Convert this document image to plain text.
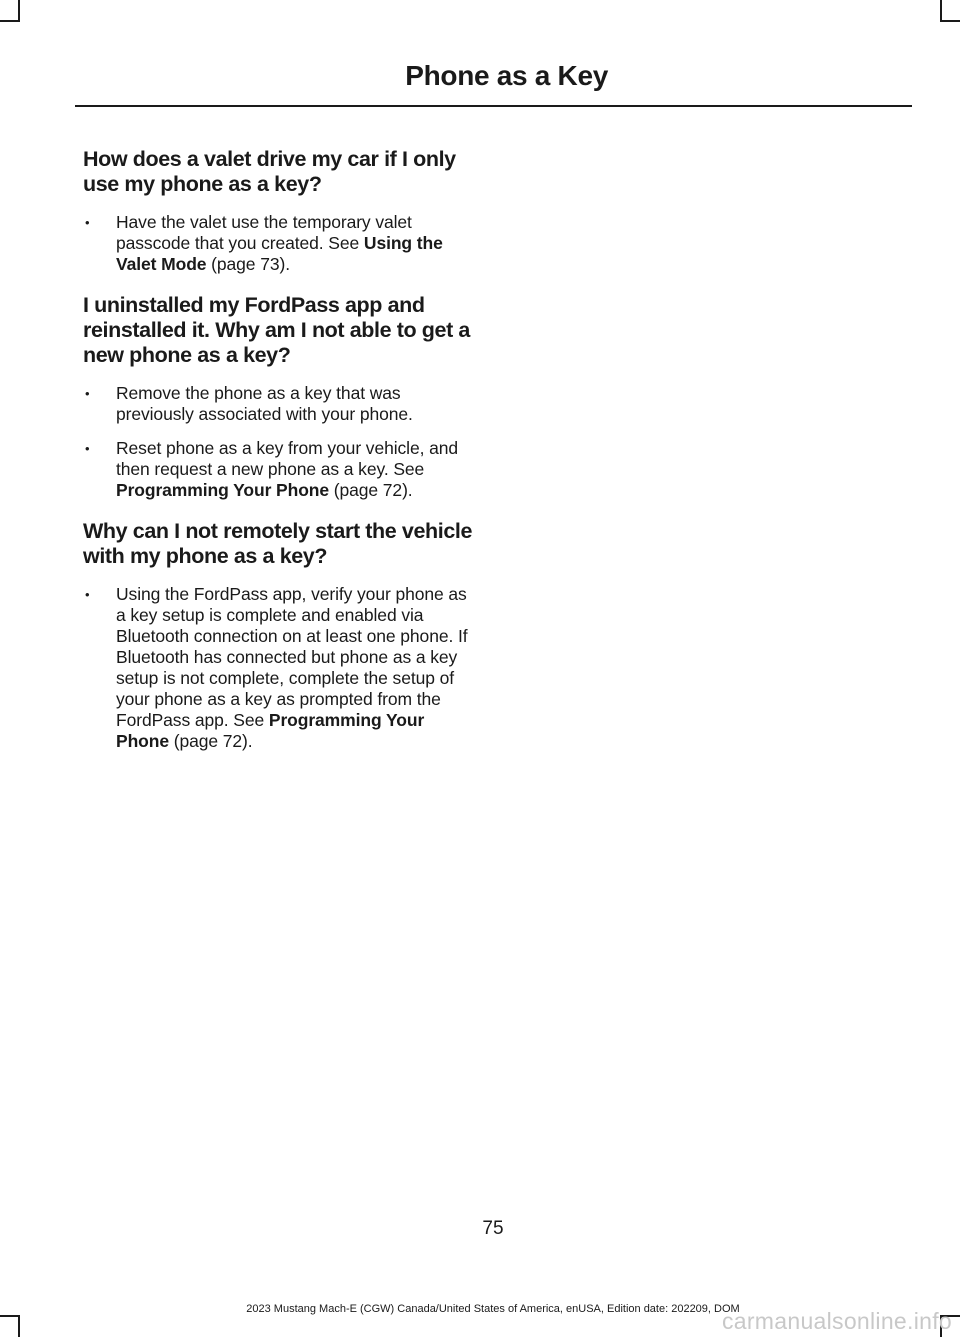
Phone as a Key
How does a valet drive my car if I only use my phone as a key?
• Have the valet use the temporary valet passcode that you created. See Using the Valet Mode (page 73).
I uninstalled my FordPass app and reinstalled it. Why am I not able to get a new phone as a key?
• Remove the phone as a key that was previously associated with your phone.
• Reset phone as a key from your vehicle, and then request a new phone as a key. See Programming Your Phone (page 72).
Why can I not remotely start the vehicle with my phone as a key?
• Using the FordPass app, verify your phone as a key setup is complete and enabled via Bluetooth connection on at least one phone. If Bluetooth has connected but phone as a key setup is not complete, complete the setup of your phone as a key as prompted from the FordPass app. See Programming Your Phone (page 72).
75
2023 Mustang Mach-E (CGW) Canada/United States of America, enUSA, Edition date: 202209, DOM
carmanualsonline.info
